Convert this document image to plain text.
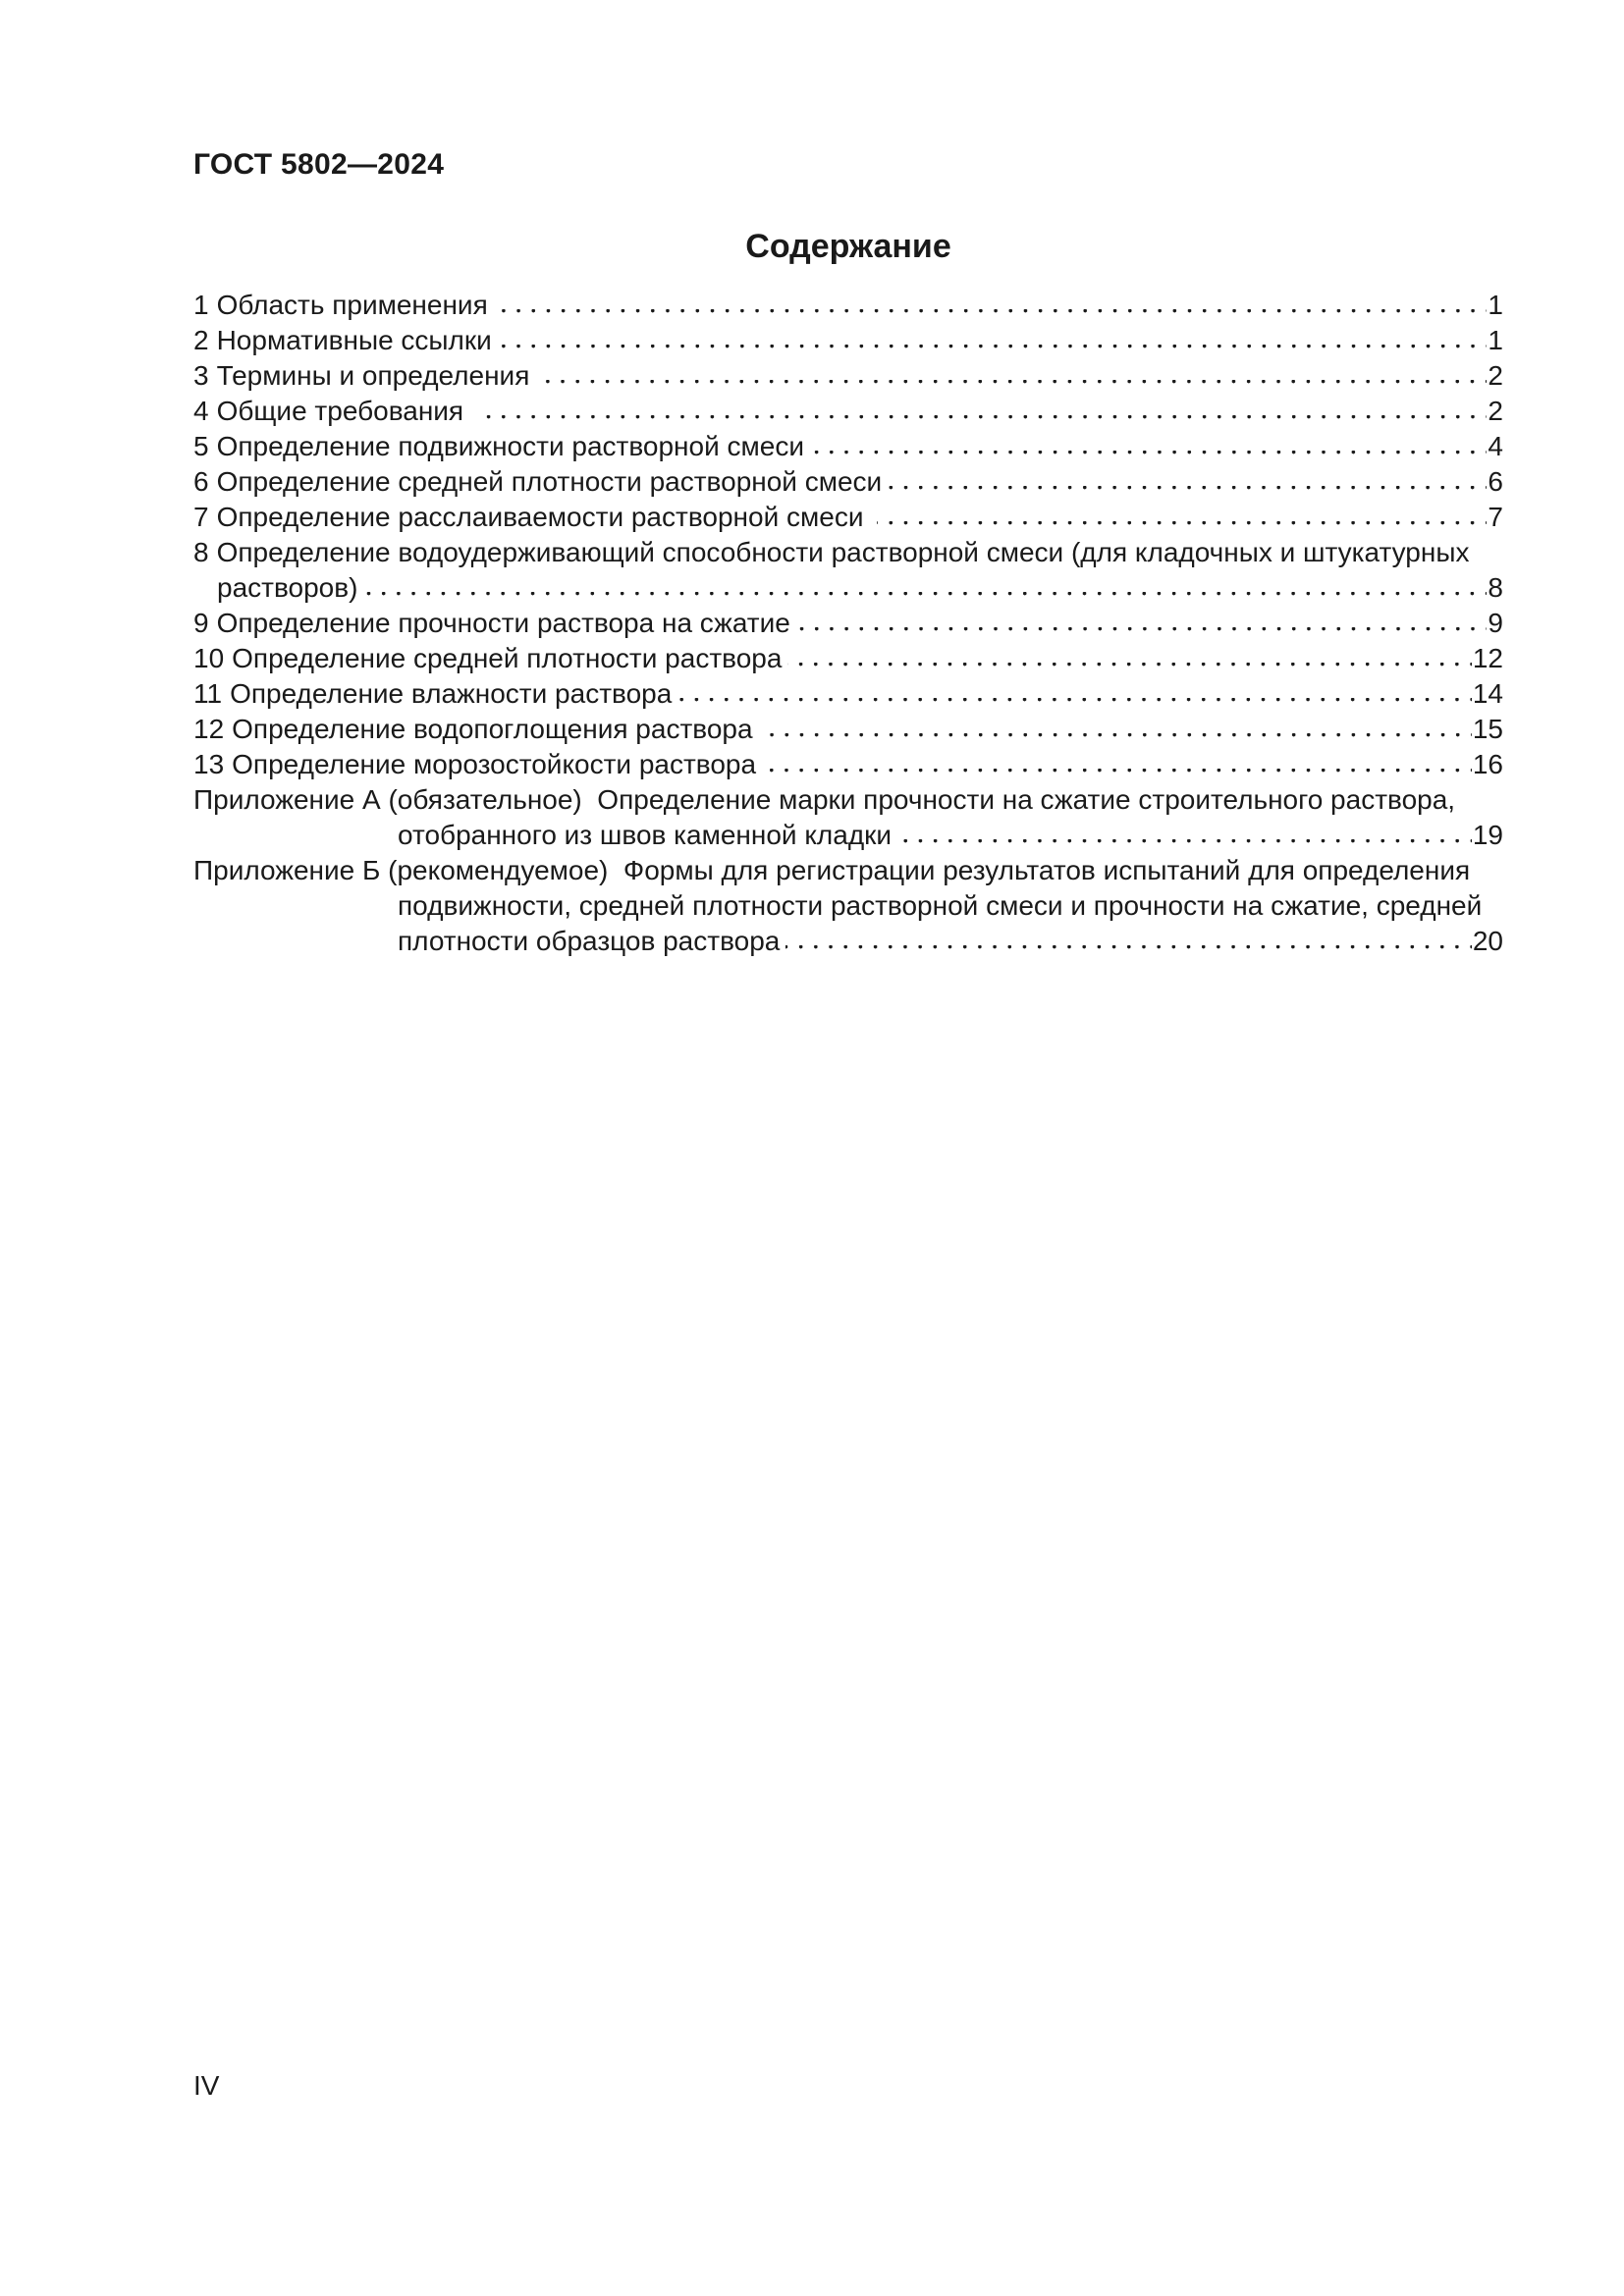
ГОСТ 5802—2024
Содержание
1 Область применения	1
2 Нормативные ссылки	1
3 Термины и определения	2
4 Общие требования	2
5 Определение подвижности растворной смеси	4
6 Определение средней плотности растворной смеси	6
7 Определение расслаиваемости растворной смеси	7
8 Определение водоудерживающий способности растворной смеси (для кладочных и штукатурных
растворов)	8
9 Определение прочности раствора на сжатие	9
10 Определение средней плотности раствора	12
11 Определение влажности раствора	14
12 Определение водопоглощения раствора	15
13 Определение морозостойкости раствора	16
Приложение А (обязательное)  Определение марки прочности на сжатие строительного раствора,
отобранного из швов каменной кладки	19
Приложение Б (рекомендуемое)  Формы для регистрации результатов испытаний для определения
подвижности, средней плотности растворной смеси и прочности на сжатие, средней
плотности образцов раствора	20
IV
